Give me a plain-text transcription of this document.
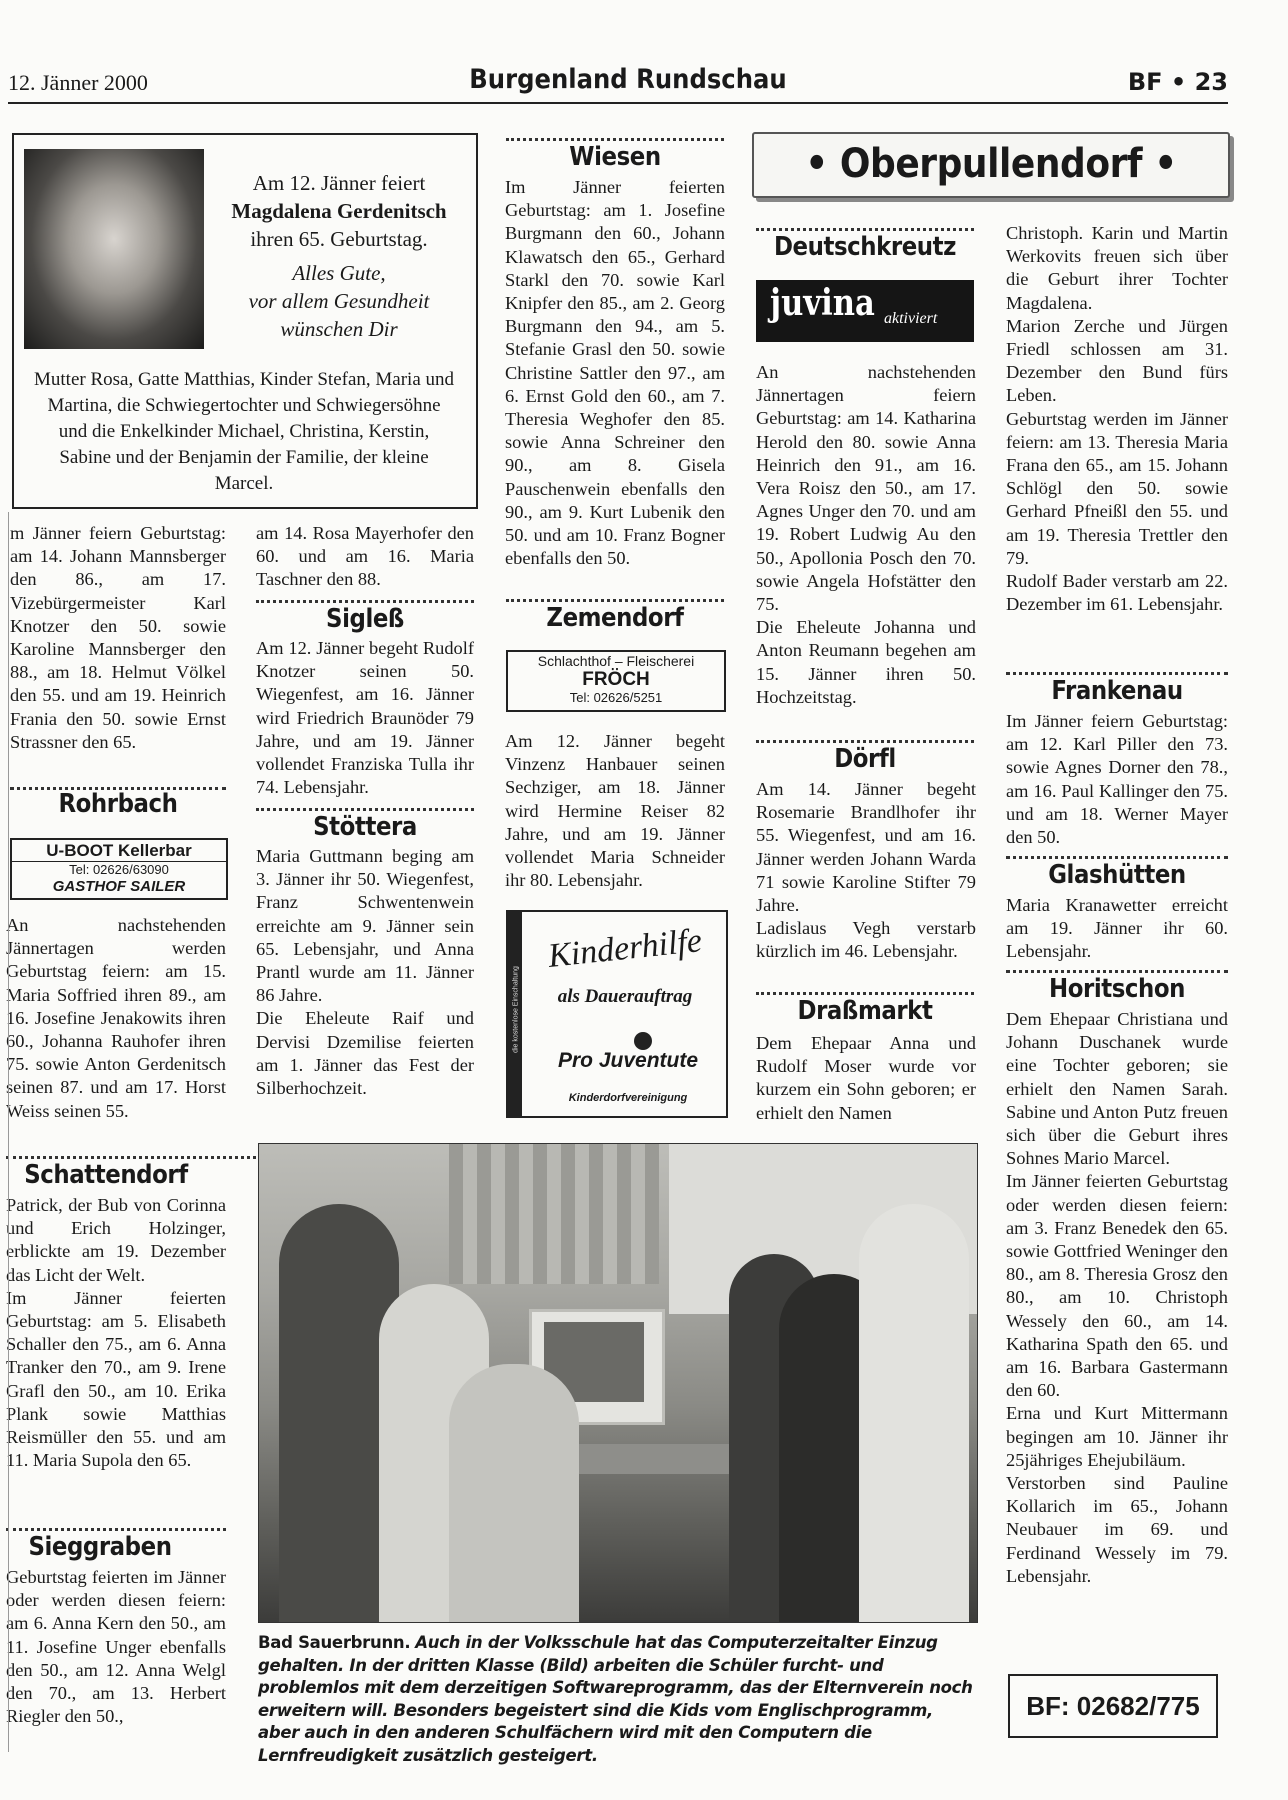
12. Jänner 2000	Burgenland Rundschau	BF • 23
Am 12. Jänner feiert
Magdalena Gerdenitsch
ihren 65. Geburtstag.
Alles Gute,
vor allem Gesundheit
wünschen Dir
Mutter Rosa, Gatte Matthias, Kinder Stefan, Maria und Martina, die Schwiegertochter und Schwiegersöhne und die Enkelkinder Michael, Christina, Kerstin, Sabine und der Benjamin der Familie, der kleine Marcel.
m Jänner feiern Geburtstag: am 14. Johann Mannsberger den 86., am 17. Vizebürgermeister Karl Knotzer den 50. sowie Karoline Mannsberger den 88., am 18. Helmut Völkel den 55. und am 19. Heinrich Frania den 50. sowie Ernst Strassner den 65.
Rohrbach
U-BOOT Kellerbar
Tel: 02626/63090
GASTHOF SAILER
An nachstehenden Jännertagen werden Geburtstag feiern: am 15. Maria Soffried ihren 89., am 16. Josefine Jenakowits ihren 60., Johanna Rauhofer ihren 75. sowie Anton Gerdenitsch seinen 87. und am 17. Horst Weiss seinen 55.
Schattendorf

Patrick, der Bub von Corinna und Erich Holzinger, erblickte am 19. Dezember das Licht der Welt.

Im Jänner feierten Geburtstag: am 5. Elisabeth Schaller den 75., am 6. Anna Tranker den 70., am 9. Irene Grafl den 50., am 10. Erika Plank sowie Matthias Reismüller den 55. und am 11. Maria Supola den 65.

Sieggraben
Geburtstag feierten im Jänner oder werden diesen feiern: am 6. Anna Kern den 50., am 11. Josefine Unger ebenfalls den 50., am 12. Anna Welgl den 70., am 13. Herbert Riegler den 50.,
am 14. Rosa Mayerhofer den 60. und am 16. Maria Taschner den 88.
Sigleß
Am 12. Jänner begeht Rudolf Knotzer seinen 50. Wiegenfest, am 16. Jänner wird Friedrich Braunöder 79 Jahre, und am 19. Jänner vollendet Franziska Tulla ihr 74. Lebensjahr.
Stöttera

Maria Guttmann beging am 3. Jänner ihr 50. Wiegenfest, Franz Schwentenwein erreichte am 9. Jänner sein 65. Lebensjahr, und Anna Prantl wurde am 11. Jänner 86 Jahre.

Die Eheleute Raif und Dervisi Dzemilise feierten am 1. Jänner das Fest der Silberhochzeit.

Wiesen
Im Jänner feierten Geburtstag: am 1. Josefine Burgmann den 60., Johann Klawatsch den 65., Gerhard Starkl den 70. sowie Karl Knipfer den 85., am 2. Georg Burgmann den 94., am 5. Stefanie Grasl den 50. sowie Christine Sattler den 97., am 6. Ernst Gold den 60., am 7. Theresia Weghofer den 85. sowie Anna Schreiner den 90., am 8. Gisela Pauschenwein ebenfalls den 90., am 9. Kurt Lubenik den 50. und am 10. Franz Bogner ebenfalls den 50.
Zemendorf
Schlachthof – Fleischerei
FRÖCH
Tel: 02626/5251
Am 12. Jänner begeht Vinzenz Hanbauer seinen Sechziger, am 18. Jänner wird Hermine Reiser 82 Jahre, und am 19. Jänner vollendet Maria Schneider ihr 80. Lebensjahr.
die kostenlose Einschaltung
Kinderhilfe
als Dauerauftrag
Pro Juventute
Kinderdorfvereinigung
• Oberpullendorf •
Deutschkreutz
juvina aktiviert

An nachstehenden Jännertagen feiern Geburtstag: am 14. Katharina Herold den 80. sowie Anna Heinrich den 91., am 16. Vera Roisz den 50., am 17. Agnes Unger den 70. und am 19. Robert Ludwig Au den 50., Apollonia Posch den 70. sowie Angela Hofstätter den 75.

Die Eheleute Johanna und Anton Reumann begehen am 15. Jänner ihren 50. Hochzeitstag.

Dörfl

Am 14. Jänner begeht Rosemarie Brandlhofer ihr 55. Wiegenfest, und am 16. Jänner werden Johann Warda 71 sowie Karoline Stifter 79 Jahre.

Ladislaus Vegh verstarb kürzlich im 46. Lebensjahr.

Draßmarkt
Dem Ehepaar Anna und Rudolf Moser wurde vor kurzem ein Sohn geboren; er erhielt den Namen

Christoph. Karin und Martin Werkovits freuen sich über die Geburt ihrer Tochter Magdalena.

Marion Zerche und Jürgen Friedl schlossen am 31. Dezember den Bund fürs Leben.

Geburtstag werden im Jänner feiern: am 13. Theresia Maria Frana den 65., am 15. Johann Schlögl den 50. sowie Gerhard Pfneißl den 55. und am 19. Theresia Trettler den 79.

Rudolf Bader verstarb am 22. Dezember im 61. Lebensjahr.

Frankenau
Im Jänner feiern Geburtstag: am 12. Karl Piller den 73. sowie Agnes Dorner den 78., am 16. Paul Kallinger den 75. und am 18. Werner Mayer den 50.
Glashütten
Maria Kranawetter erreicht am 19. Jänner ihr 60. Lebensjahr.
Horitschon

Dem Ehepaar Christiana und Johann Duschanek wurde eine Tochter geboren; sie erhielt den Namen Sarah. Sabine und Anton Putz freuen sich über die Geburt ihres Sohnes Mario Marcel.

Im Jänner feierten Geburtstag oder werden diesen feiern: am 3. Franz Benedek den 65. sowie Gottfried Weninger den 80., am 8. Theresia Grosz den 80., am 10. Christoph Wessely den 60., am 14. Katharina Spath den 65. und am 16. Barbara Gastermann den 60.

Erna und Kurt Mittermann begingen am 10. Jänner ihr 25jähriges Ehejubiläum.

Verstorben sind Pauline Kollarich im 65., Johann Neubauer im 69. und Ferdinand Wessely im 79. Lebensjahr.

BF: 02682/775
Bad Sauerbrunn. Auch in der Volksschule hat das Computerzeitalter Einzug gehalten. In der dritten Klasse (Bild) arbeiten die Schüler furcht- und problemlos mit dem derzeitigen Softwareprogramm, das der Elternverein noch erweitern will. Besonders begeistert sind die Kids vom Englischprogramm, aber auch in den anderen Schulfächern wird mit den Computern die Lernfreudigkeit zusätzlich gesteigert.
